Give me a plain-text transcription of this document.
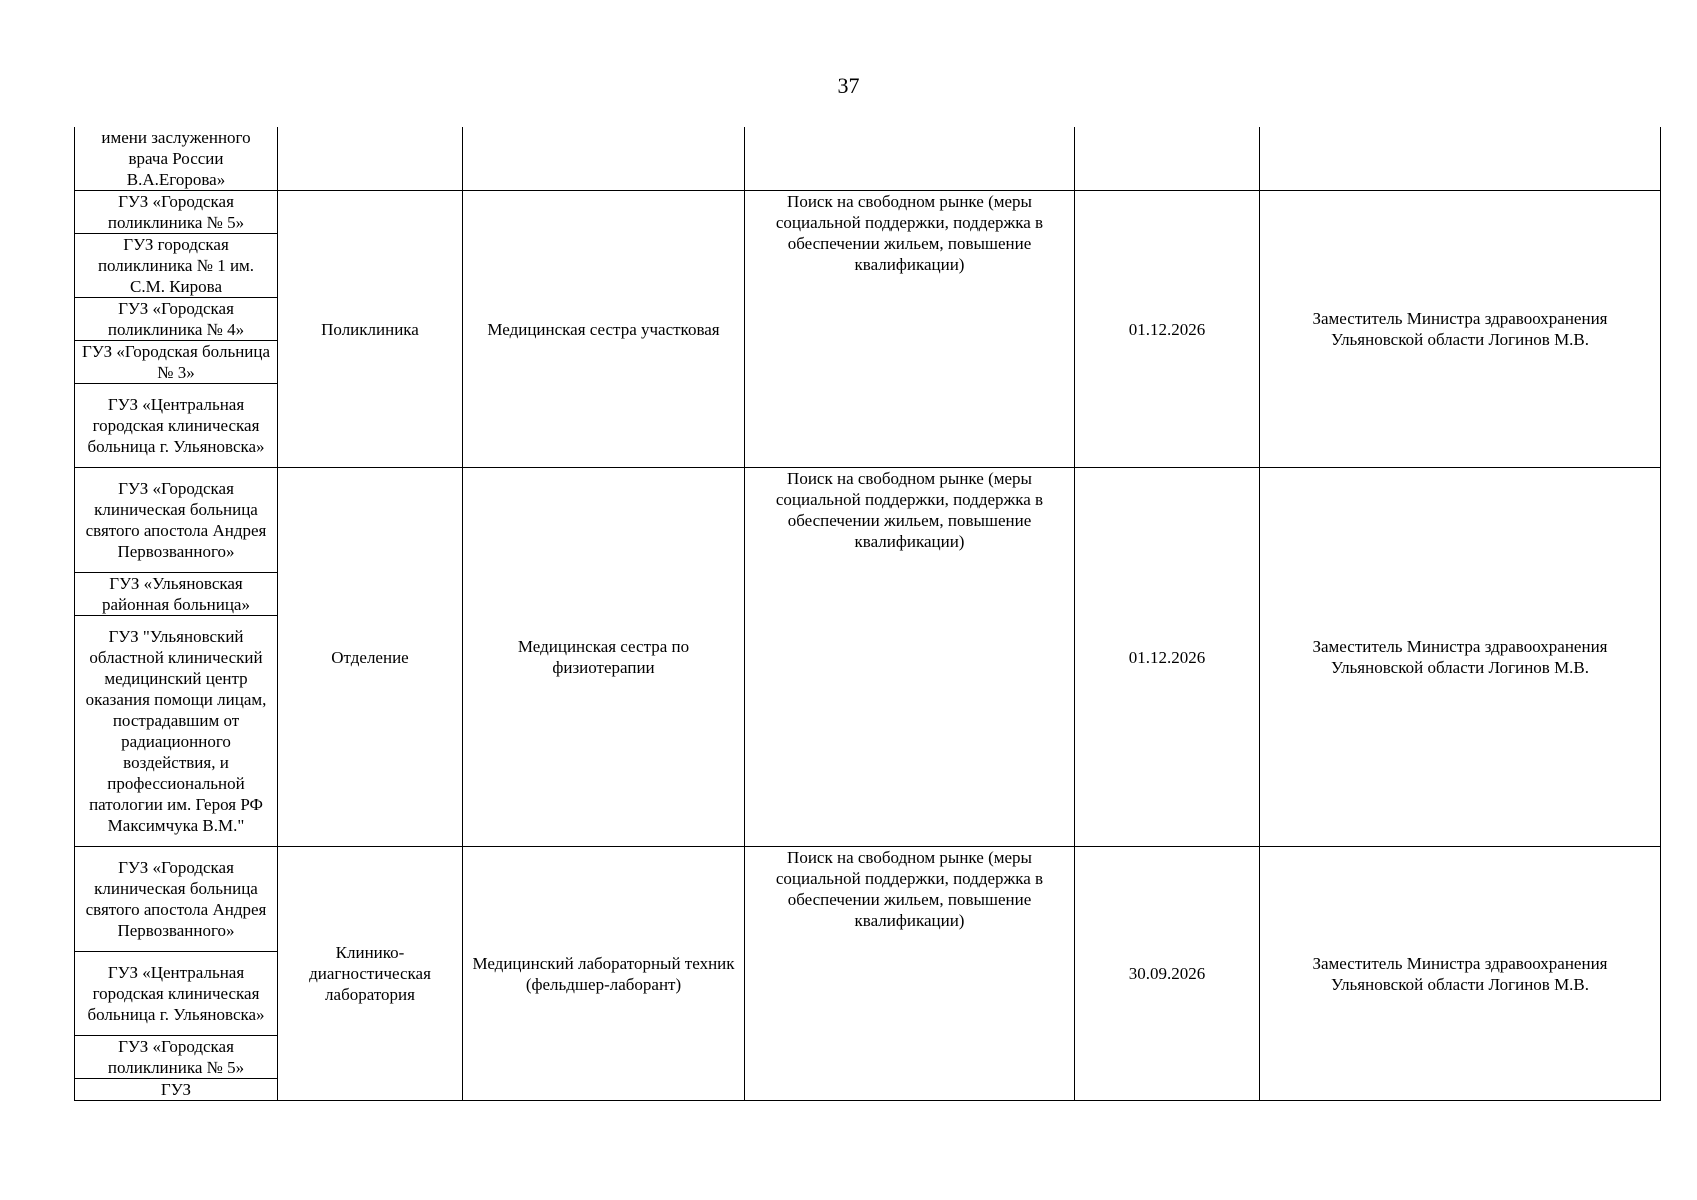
37
имени заслуженного врача России В.А.Егорова»					
ГУЗ «Городская поликлиника № 5»	Поликлиника	Медицинская сестра участковая	Поиск на свободном рынке (меры социальной поддержки, поддержка в обеспечении жильем, повышение квалификации)	01.12.2026	Заместитель Министра здравоохранения Ульяновской области Логинов М.В.
ГУЗ городская поликлиника № 1 им. С.М. Кирова					
ГУЗ «Городская поликлиника № 4»					
ГУЗ «Городская больница № 3»					
ГУЗ «Центральная городская клиническая больница г. Ульяновска»					
ГУЗ «Городская клиническая больница святого апостола Андрея Первозванного»	Отделение	Медицинская сестра по физиотерапии	Поиск на свободном рынке (меры социальной поддержки, поддержка в обеспечении жильем, повышение квалификации)	01.12.2026	Заместитель Министра здравоохранения Ульяновской области Логинов М.В.
ГУЗ «Ульяновская районная больница»					
ГУЗ "Ульяновский областной клинический медицинский центр оказания помощи лицам, пострадавшим от радиационного воздействия, и профессиональной патологии им. Героя РФ Максимчука В.М."					
ГУЗ «Городская клиническая больница святого апостола Андрея Первозванного»	Клинико-диагностическая лаборатория	Медицинский лабораторный техник (фельдшер-лаборант)	Поиск на свободном рынке (меры социальной поддержки, поддержка в обеспечении жильем, повышение квалификации)	30.09.2026	Заместитель Министра здравоохранения Ульяновской области Логинов М.В.
ГУЗ «Центральная городская клиническая больница г. Ульяновска»					
ГУЗ «Городская поликлиника № 5»					
ГУЗ					
